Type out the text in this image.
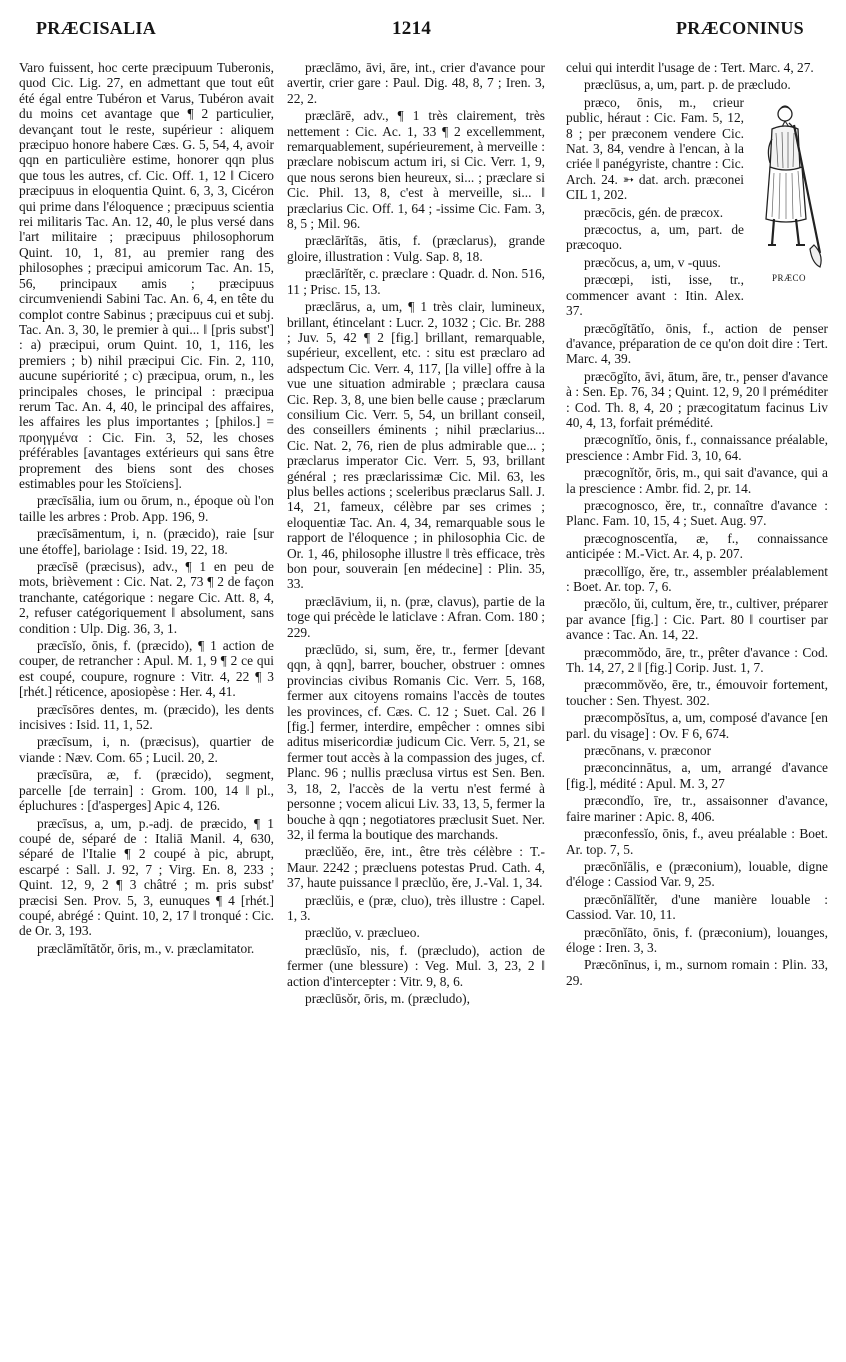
PRÆCISALIA	1214	PRÆCONINUS

Varo fuissent, hoc certe præcipuum Tuberonis, quod Cic. Lig. 27, en admettant que tout eût été égal entre Tubéron et Varus, Tubéron avait du moins cet avantage que ¶ 2 particulier, devançant tout le reste, supérieur : aliquem præcipuo honore habere Cæs. G. 5, 54, 4, avoir qqn en particulière estime, honorer qqn plus que tous les autres, cf. Cic. Off. 1, 12 ‖ Cicero præcipuus in eloquentia Quint. 6, 3, 3, Cicéron qui prime dans l'éloquence ; præcipuus scientia rei militaris Tac. An. 12, 40, le plus versé dans l'art militaire ; præcipuus philosophorum Quint. 10, 1, 81, au premier rang des philosophes ; præcipui amicorum Tac. An. 15, 56, principaux amis ; præcipuus circumveniendi Sabini Tac. An. 6, 4, en tête du complot contre Sabinus ; præcipuus cui et subj. Tac. An. 3, 30, le premier à qui... ‖ [pris subst'] : a) præcipui, orum Quint. 10, 1, 116, les premiers ; b) nihil præcipui Cic. Fin. 2, 110, aucune supériorité ; c) præcipua, orum, n., les principales choses, le principal : præcipua rerum Tac. An. 4, 40, le principal des affaires, les affaires les plus importantes ; [philos.] = προηγμένα : Cic. Fin. 3, 52, les choses préférables [avantages extérieurs qui sans être proprement des biens sont des choses estimables pour les Stoïciens].

præcīsālia, ium ou ōrum, n., époque où l'on taille les arbres : Prob. App. 196, 9.

præcīsāmentum, i, n. (præcido), raie [sur une étoffe], bariolage : Isid. 19, 22, 18.

præcīsē (præcisus), adv., ¶ 1 en peu de mots, brièvement : Cic. Nat. 2, 73 ¶ 2 de façon tranchante, catégorique : negare Cic. Att. 8, 4, 2, refuser catégoriquement ‖ absolument, sans condition : Ulp. Dig. 36, 3, 1.

præcīsĭo, ōnis, f. (præcido), ¶ 1 action de couper, de retrancher : Apul. M. 1, 9 ¶ 2 ce qui est coupé, coupure, rognure : Vitr. 4, 22 ¶ 3 [rhét.] réticence, aposiopèse : Her. 4, 41.

præcīsōres dentes, m. (præcido), les dents incisives : Isid. 11, 1, 52.

præcīsum, i, n. (præcisus), quartier de viande : Næv. Com. 65 ; Lucil. 20, 2.

præcīsūra, æ, f. (præcido), segment, parcelle [de terrain] : Grom. 100, 14 ‖ pl., épluchures : [d'asperges] Apic 4, 126.

præcīsus, a, um, p.-adj. de præcido, ¶ 1 coupé de, séparé de : Italiā Manil. 4, 630, séparé de l'Italie ¶ 2 coupé à pic, abrupt, escarpé : Sall. J. 92, 7 ; Virg. En. 8, 233 ; Quint. 12, 9, 2 ¶ 3 châtré ; m. pris subst' præcisi Sen. Prov. 5, 3, eunuques ¶ 4 [rhét.] coupé, abrégé : Quint. 10, 2, 17 ‖ tronqué : Cic. de Or. 3, 193.

præclāmĭtātŏr, ōris, m., v. præclamitator.

præclāmo, āvi, āre, int., crier d'avance pour avertir, crier gare : Paul. Dig. 48, 8, 7 ; Iren. 3, 22, 2.

præclārē, adv., ¶ 1 très clairement, très nettement : Cic. Ac. 1, 33 ¶ 2 excellemment, remarquablement, supérieurement, à merveille : præclare nobiscum actum iri, si Cic. Verr. 1, 9, que nous serons bien heureux, si... ; præclare si Cic. Phil. 13, 8, c'est à merveille, si... ‖ præclarius Cic. Off. 1, 64 ; -issime Cic. Fam. 3, 8, 5 ; Mil. 96.

præclārĭtās, ātis, f. (præclarus), grande gloire, illustration : Vulg. Sap. 8, 18.

præclārĭtĕr, c. præclare : Quadr. d. Non. 516, 11 ; Prisc. 15, 13.

præclārus, a, um, ¶ 1 très clair, lumineux, brillant, étincelant : Lucr. 2, 1032 ; Cic. Br. 288 ; Juv. 5, 42 ¶ 2 [fig.] brillant, remarquable, supérieur, excellent, etc. : situ est præclaro ad adspectum Cic. Verr. 4, 117, [la ville] offre à la vue une situation admirable ; præclara causa Cic. Rep. 3, 8, une bien belle cause ; præclarum consilium Cic. Verr. 5, 54, un brillant conseil, des conseillers éminents ; nihil præclarius... Cic. Nat. 2, 76, rien de plus admirable que... ; præclarus imperator Cic. Verr. 5, 93, brillant général ; res præclarissimæ Cic. Mil. 63, les plus belles actions ; sceleribus præclarus Sall. J. 14, 21, fameux, célèbre par ses crimes ; eloquentiæ Tac. An. 4, 34, remarquable sous le rapport de l'éloquence ; in philosophia Cic. de Or. 1, 46, philosophe illustre ‖ très efficace, très bon pour, souverain [en médecine] : Plin. 35, 33.

præclāvium, ii, n. (præ, clavus), partie de la toge qui précède le laticlave : Afran. Com. 180 ; 229.

præclūdo, si, sum, ĕre, tr., fermer [devant qqn, à qqn], barrer, boucher, obstruer : omnes provincias civibus Romanis Cic. Verr. 5, 168, fermer aux citoyens romains l'accès de toutes les provinces, cf. Cæs. C. 12 ; Suet. Cal. 26 ‖ [fig.] fermer, interdire, empêcher : omnes sibi aditus misericordiæ judicum Cic. Verr. 5, 21, se fermer tout accès à la compassion des juges, cf. Planc. 96 ; nullis præclusa virtus est Sen. Ben. 3, 18, 2, l'accès de la vertu n'est fermé à personne ; vocem alicui Liv. 33, 13, 5, fermer la bouche à qqn ; negotiatores præclusit Suet. Ner. 32, il ferma la boutique des marchands.

præclŭĕo, ēre, int., être très célèbre : T.-Maur. 2242 ; præcluens potestas Prud. Cath. 4, 37, haute puissance ‖ præclŭo, ĕre, J.-Val. 1, 34.

præclŭis, e (præ, cluo), très illustre : Capel. 1, 3.

præclŭo, v. præclueo.

præclūsĭo, nis, f. (præcludo), action de fermer (une blessure) : Veg. Mul. 3, 23, 2 ‖ action d'intercepter : Vitr. 9, 8, 6.

præclūsŏr, ōris, m. (præcludo),

celui qui interdit l'usage de : Tert. Marc. 4, 27.

præclūsus, a, um, part. p. de præcludo.

PRÆCO

præco, ōnis, m., crieur public, héraut : Cic. Fam. 5, 12, 8 ; per præconem vendere Cic. Nat. 3, 84, vendre à l'encan, à la criée ‖ panégyriste, chantre : Cic. Arch. 24. ➳ dat. arch. præconei CIL 1, 202.

præcōcis, gén. de præcox.

præcoctus, a, um, part. de præcoquo.

præcŏcus, a, um, v -quus.

præcœpi, isti, isse, tr., commencer avant : Itin. Alex. 37.

præcōgĭtātĭo, ōnis, f., action de penser d'avance, préparation de ce qu'on doit dire : Tert. Marc. 4, 39.

præcōgĭto, āvi, ātum, āre, tr., penser d'avance à : Sen. Ep. 76, 34 ; Quint. 12, 9, 20 ‖ préméditer : Cod. Th. 8, 4, 20 ; præcogitatum facinus Liv 40, 4, 13, forfait prémédité.

præcognĭtĭo, ōnis, f., connaissance préalable, prescience : Ambr Fid. 3, 10, 64.

præcognĭtŏr, ōris, m., qui sait d'avance, qui a la prescience : Ambr. fid. 2, pr. 14.

præcognosco, ĕre, tr., connaître d'avance : Planc. Fam. 10, 15, 4 ; Suet. Aug. 97.

præcognoscentĭa, æ, f., connaissance anticipée : M.-Vict. Ar. 4, p. 207.

præcollĭgo, ĕre, tr., assembler préalablement : Boet. Ar. top. 7, 6.

præcŏlo, ŭi, cultum, ĕre, tr., cultiver, préparer par avance [fig.] : Cic. Part. 80 ‖ courtiser par avance : Tac. An. 14, 22.

præcommŏdo, āre, tr., prêter d'avance : Cod. Th. 14, 27, 2 ‖ [fig.] Corip. Just. 1, 7.

præcommŏvĕo, ēre, tr., émouvoir fortement, toucher : Sen. Thyest. 302.

præcompŏsĭtus, a, um, composé d'avance [en parl. du visage] : Ov. F 6, 674.

præcōnans, v. præconor

præconcinnātus, a, um, arrangé d'avance [fig.], médité : Apul. M. 3, 27

præcondĭo, īre, tr., assaisonner d'avance, faire mariner : Apic. 8, 406.

præconfessĭo, ōnis, f., aveu préalable : Boet. Ar. top. 7, 5.

præcōnĭālis, e (præconium), louable, digne d'éloge : Cassiod Var. 9, 25.

præcōnĭālĭtĕr, d'une manière louable : Cassiod. Var. 10, 11.

præcōnĭāto, ōnis, f. (præconium), louanges, éloge : Iren. 3, 3.

Præcōnīnus, i, m., surnom romain : Plin. 33, 29.
